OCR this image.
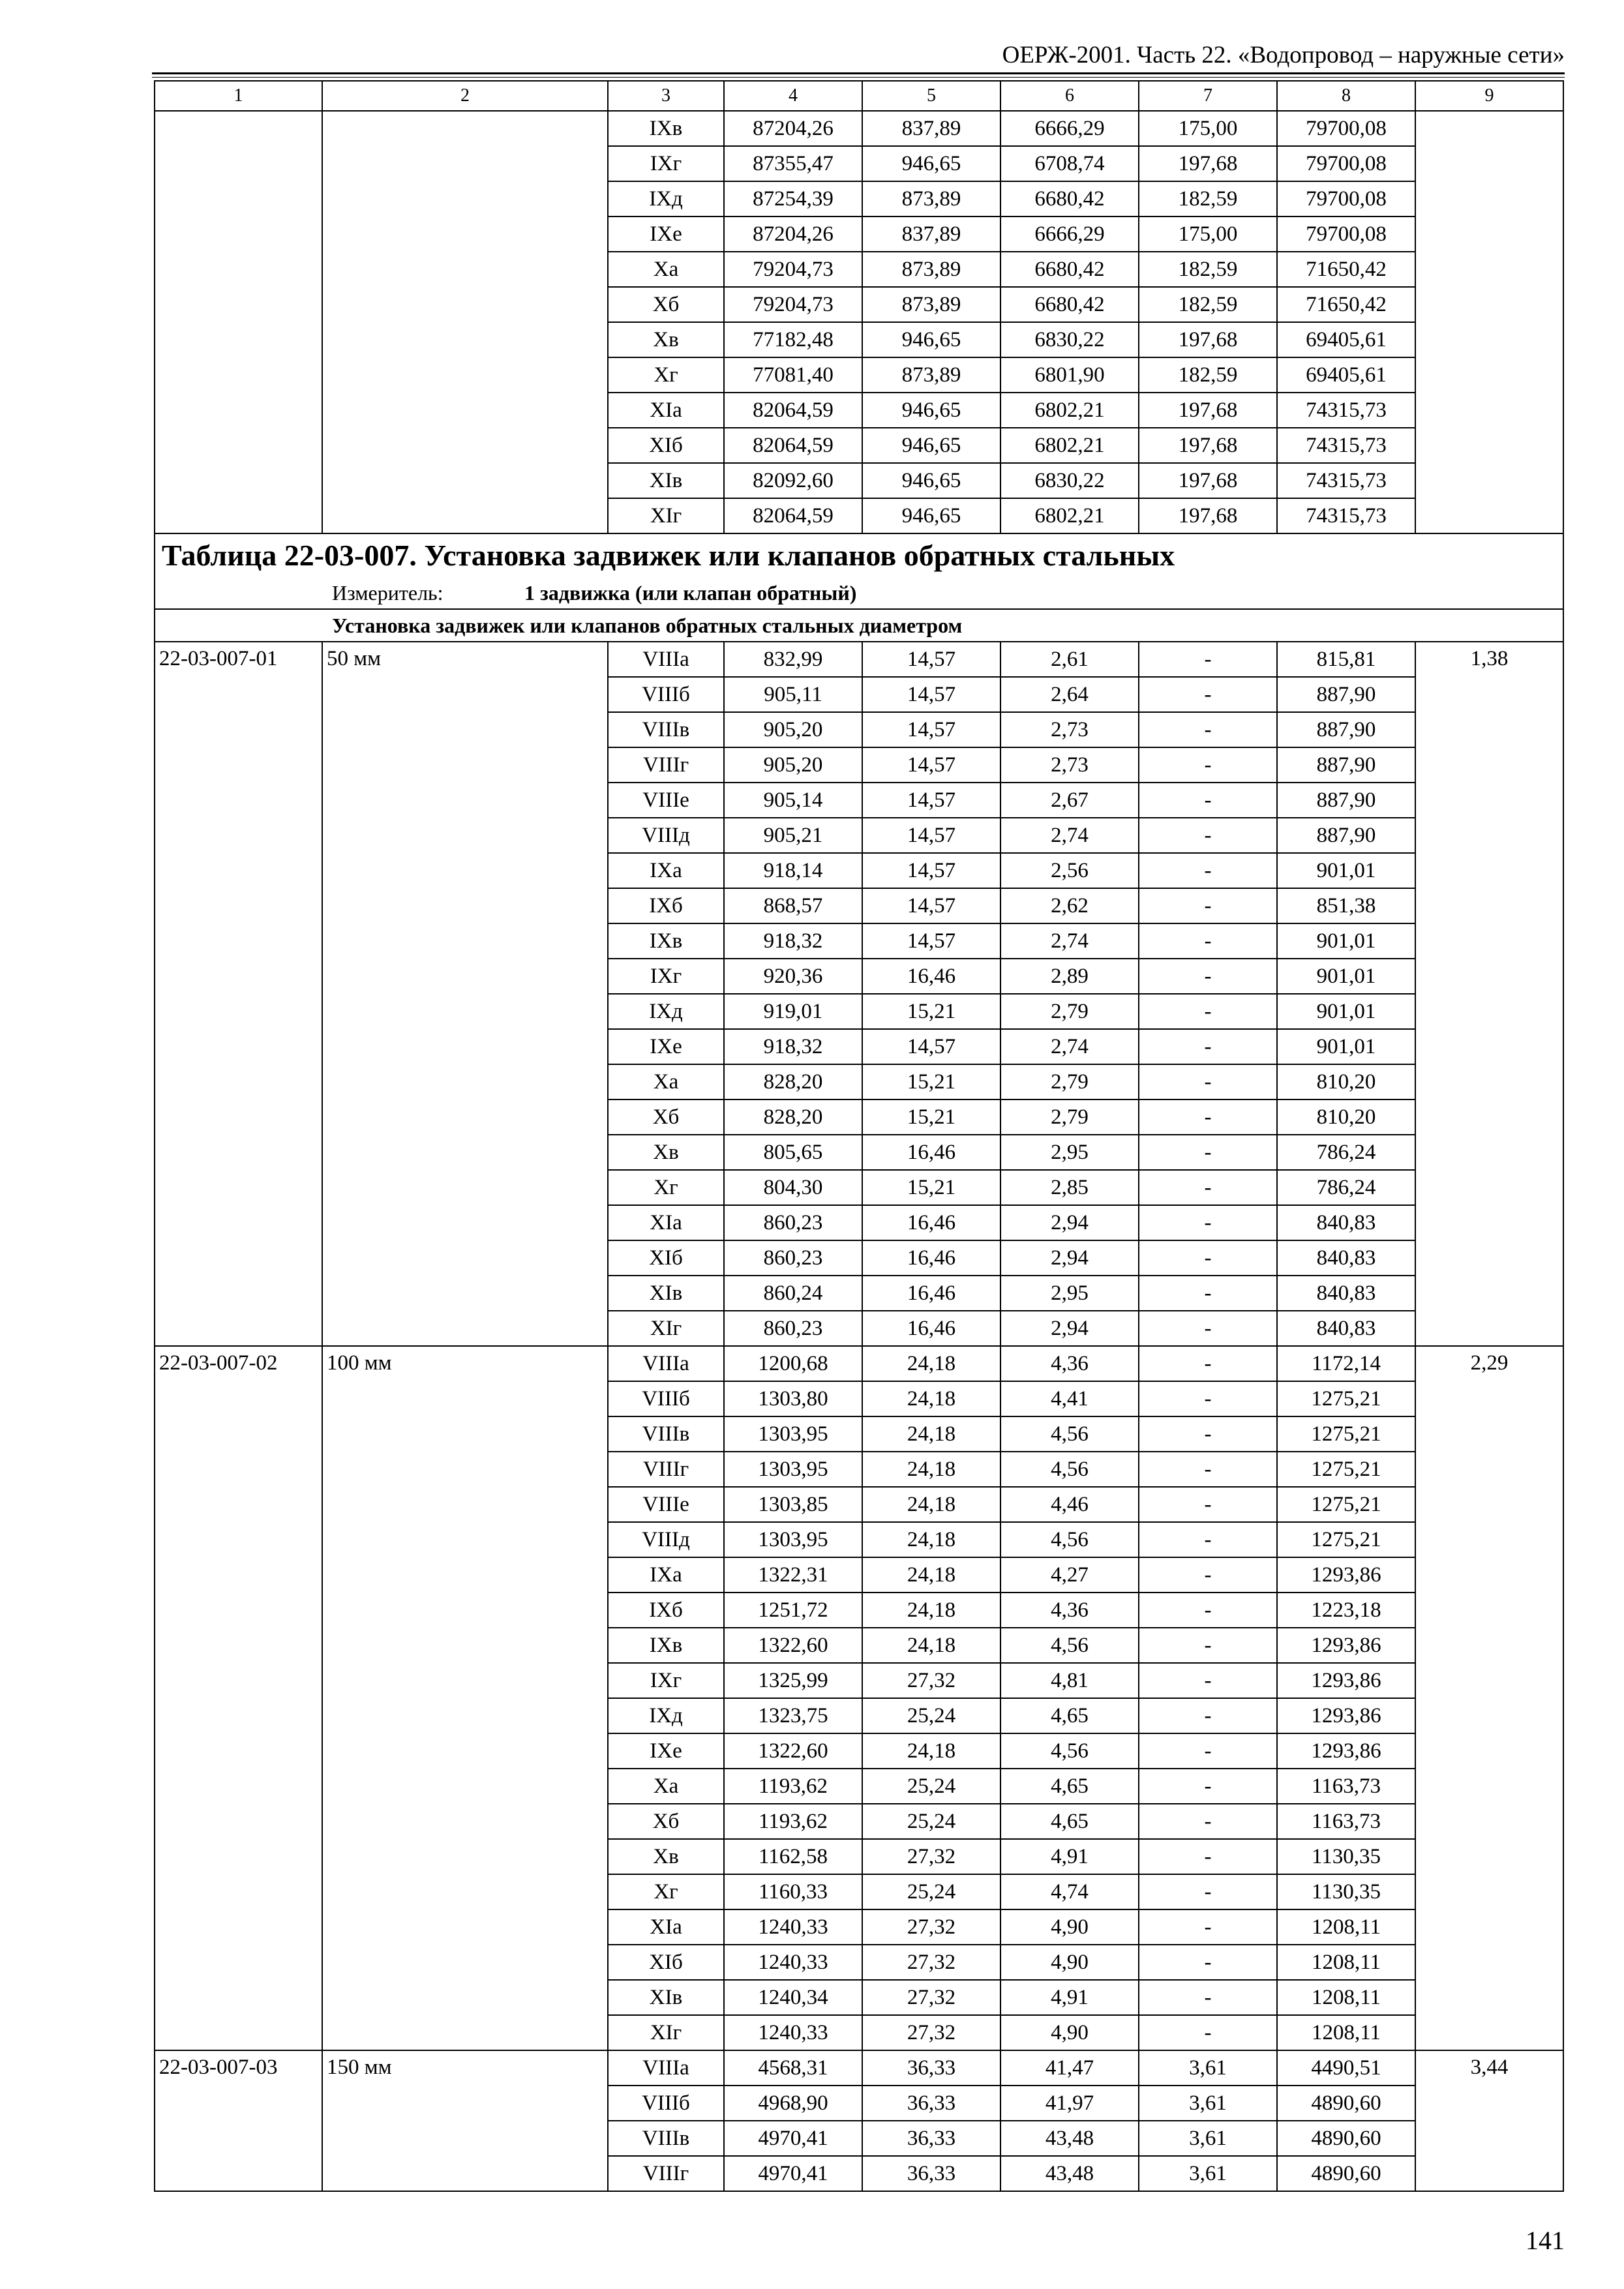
ОЕРЖ-2001. Часть 22. «Водопровод – наружные сети»
1	2	3	4	5	6	7	8	9
		IXв	87204,26	837,89	6666,29	175,00	79700,08	
		IXг	87355,47	946,65	6708,74	197,68	79700,08	
		IXд	87254,39	873,89	6680,42	182,59	79700,08	
		IXе	87204,26	837,89	6666,29	175,00	79700,08	
		Xа	79204,73	873,89	6680,42	182,59	71650,42	
		Xб	79204,73	873,89	6680,42	182,59	71650,42	
		Xв	77182,48	946,65	6830,22	197,68	69405,61	
		Xг	77081,40	873,89	6801,90	182,59	69405,61	
		XIа	82064,59	946,65	6802,21	197,68	74315,73	
		XIб	82064,59	946,65	6802,21	197,68	74315,73	
		XIв	82092,60	946,65	6830,22	197,68	74315,73	
		XIг	82064,59	946,65	6802,21	197,68	74315,73	
Таблица 22-03-007. Установка задвижек или клапанов обратных стальных								
Измеритель: 1 задвижка (или клапан обратный)								
Установка задвижек или клапанов обратных стальных диаметром								
22-03-007-01	50 мм	VIIIа	832,99	14,57	2,61	-	815,81	1,38
		VIIIб	905,11	14,57	2,64	-	887,90	
		VIIIв	905,20	14,57	2,73	-	887,90	
		VIIIг	905,20	14,57	2,73	-	887,90	
		VIIIе	905,14	14,57	2,67	-	887,90	
		VIIIд	905,21	14,57	2,74	-	887,90	
		IXа	918,14	14,57	2,56	-	901,01	
		IXб	868,57	14,57	2,62	-	851,38	
		IXв	918,32	14,57	2,74	-	901,01	
		IXг	920,36	16,46	2,89	-	901,01	
		IXд	919,01	15,21	2,79	-	901,01	
		IXе	918,32	14,57	2,74	-	901,01	
		Xа	828,20	15,21	2,79	-	810,20	
		Xб	828,20	15,21	2,79	-	810,20	
		Xв	805,65	16,46	2,95	-	786,24	
		Xг	804,30	15,21	2,85	-	786,24	
		XIа	860,23	16,46	2,94	-	840,83	
		XIб	860,23	16,46	2,94	-	840,83	
		XIв	860,24	16,46	2,95	-	840,83	
		XIг	860,23	16,46	2,94	-	840,83	
22-03-007-02	100 мм	VIIIа	1200,68	24,18	4,36	-	1172,14	2,29
		VIIIб	1303,80	24,18	4,41	-	1275,21	
		VIIIв	1303,95	24,18	4,56	-	1275,21	
		VIIIг	1303,95	24,18	4,56	-	1275,21	
		VIIIе	1303,85	24,18	4,46	-	1275,21	
		VIIIд	1303,95	24,18	4,56	-	1275,21	
		IXа	1322,31	24,18	4,27	-	1293,86	
		IXб	1251,72	24,18	4,36	-	1223,18	
		IXв	1322,60	24,18	4,56	-	1293,86	
		IXг	1325,99	27,32	4,81	-	1293,86	
		IXд	1323,75	25,24	4,65	-	1293,86	
		IXе	1322,60	24,18	4,56	-	1293,86	
		Xа	1193,62	25,24	4,65	-	1163,73	
		Xб	1193,62	25,24	4,65	-	1163,73	
		Xв	1162,58	27,32	4,91	-	1130,35	
		Xг	1160,33	25,24	4,74	-	1130,35	
		XIа	1240,33	27,32	4,90	-	1208,11	
		XIб	1240,33	27,32	4,90	-	1208,11	
		XIв	1240,34	27,32	4,91	-	1208,11	
		XIг	1240,33	27,32	4,90	-	1208,11	
22-03-007-03	150 мм	VIIIа	4568,31	36,33	41,47	3,61	4490,51	3,44
		VIIIб	4968,90	36,33	41,97	3,61	4890,60	
		VIIIв	4970,41	36,33	43,48	3,61	4890,60	
		VIIIг	4970,41	36,33	43,48	3,61	4890,60	
141
